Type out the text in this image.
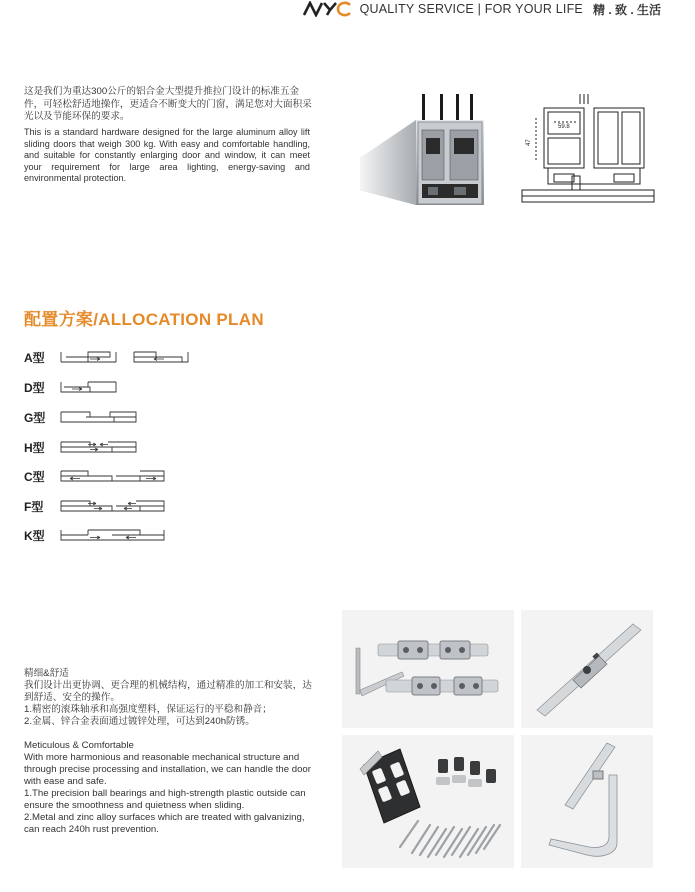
QUALITY SERVICE | FOR YOUR LIFE 精 . 致 . 生活
这是我们为重达300公斤的铝合金大型提升推拉门设计的标准五金件，可轻松舒适地操作，更适合不断变大的门窗，满足您对大面积采光以及节能环保的要求。
This is a standard hardware designed for the large aluminum alloy lift sliding doors that weigh 300 kg. With easy and comfortable handling, and suitable for constantly enlarging door and window, it can meet your requirement for large area lighting, energy-saving and environmental protection.
59.8
47
配置方案/ALLOCATION PLAN
A型
D型
G型
H型
C型
F型
K型
精细&舒适
我们设计出更协调、更合理的机械结构，通过精准的加工和安装，达到舒适、安全的操作。
1.精密的滚珠轴承和高强度塑料，保证运行的平稳和静音；
2.金属、锌合金表面通过镀锌处理，可达到240h防锈。
Meticulous & Comfortable
With more harmonious and reasonable mechanical structure and through precise processing and installation, we can handle the door with ease and safe.
1.The precision ball bearings and high-strength plastic outside can ensure the smoothness and quietness when sliding.
2.Metal and zinc alloy surfaces which are treated with galvanizing, can reach 240h rust prevention.
